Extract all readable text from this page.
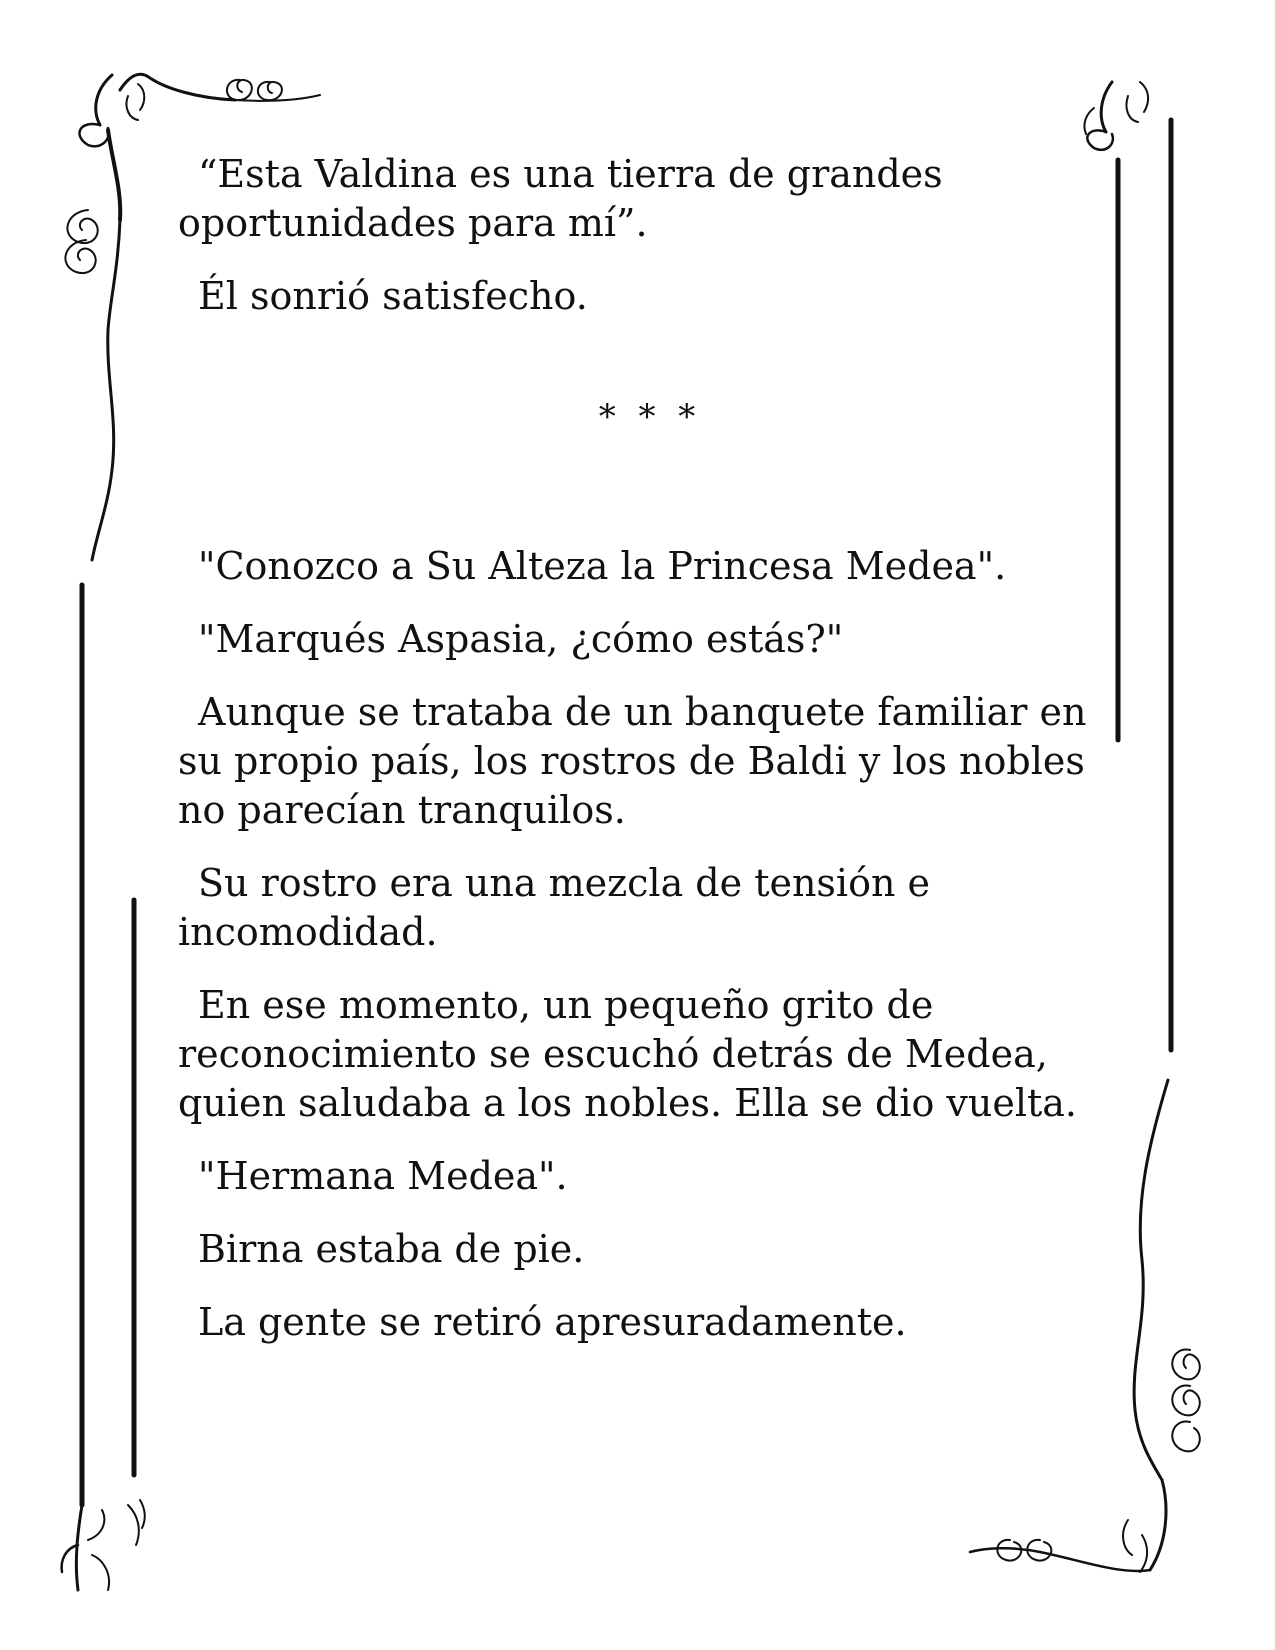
“Esta Valdina es una tierra de grandes oportunidades para mí”.

Él sonrió satisfecho.

* * *

"Conozco a Su Alteza la Princesa Medea".

"Marqués Aspasia, ¿cómo estás?"

Aunque se trataba de un banquete familiar en su propio país, los rostros de Baldi y los nobles no parecían tranquilos.

Su rostro era una mezcla de tensión e incomodidad.

En ese momento, un pequeño grito de reconocimiento se escuchó detrás de Medea, quien saludaba a los nobles. Ella se dio vuelta.

"Hermana Medea".

Birna estaba de pie.

La gente se retiró apresuradamente.
